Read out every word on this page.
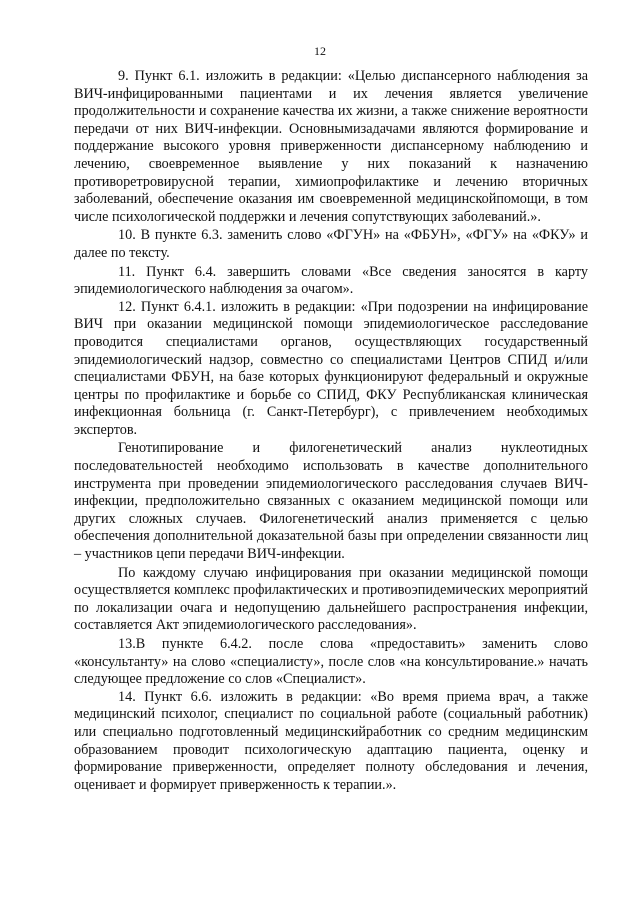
12

9. Пункт 6.1. изложить в редакции: «Целью диспансерного наблюдения за ВИЧ-инфицированными пациентами и их лечения является увеличение продолжительности и сохранение качества их жизни, а также снижение вероятности передачи от них ВИЧ-инфекции. Основнымизадачами являются формирование и поддержание высокого уровня приверженности диспансерному наблюдению и лечению, своевременное выявление у них показаний к назначению противоретровирусной терапии, химиопрофилактике и лечению вторичных заболеваний, обеспечение оказания им своевременной медицинскойпомощи, в том числе психологической поддержки и лечения сопутствующих заболеваний.».

10. В пункте 6.3. заменить слово «ФГУН» на «ФБУН», «ФГУ» на «ФКУ» и далее по тексту.

11. Пункт 6.4. завершить словами «Все сведения заносятся в карту эпидемиологического наблюдения за очагом».

12. Пункт 6.4.1. изложить в редакции: «При подозрении на инфицирование ВИЧ при оказании медицинской помощи эпидемиологическое расследование проводится специалистами органов, осуществляющих государственный эпидемиологический надзор, совместно со специалистами Центров СПИД и/или специалистами ФБУН, на базе которых функционируют федеральный и окружные центры по профилактике и борьбе со СПИД, ФКУ Республиканская клиническая инфекционная больница (г. Санкт-Петербург), с привлечением необходимых экспертов.

Генотипирование и филогенетический анализ нуклеотидных последовательностей необходимо использовать в качестве дополнительного инструмента при проведении эпидемиологического расследования случаев ВИЧ-инфекции, предположительно связанных с оказанием медицинской помощи или других сложных случаев. Филогенетический анализ применяется с целью обеспечения дополнительной доказательной базы при определении связанности лиц – участников цепи передачи ВИЧ-инфекции.

По каждому случаю инфицирования при оказании медицинской помощи осуществляется комплекс профилактических и противоэпидемических мероприятий по локализации очага и недопущению дальнейшего распространения инфекции, составляется Акт эпидемиологического расследования».

13.В пункте 6.4.2. после слова «предоставить» заменить слово «консультанту» на слово «специалисту», после слов «на консультирование.» начать следующее предложение со слов «Специалист».

14. Пункт 6.6. изложить в редакции: «Во время приема врач, а также медицинский психолог, специалист по социальной работе (социальный работник) или специально подготовленный медицинскийработник со средним медицинским образованием проводит психологическую адаптацию пациента, оценку и формирование приверженности, определяет полноту обследования и лечения, оценивает и формирует приверженность к терапии.».
